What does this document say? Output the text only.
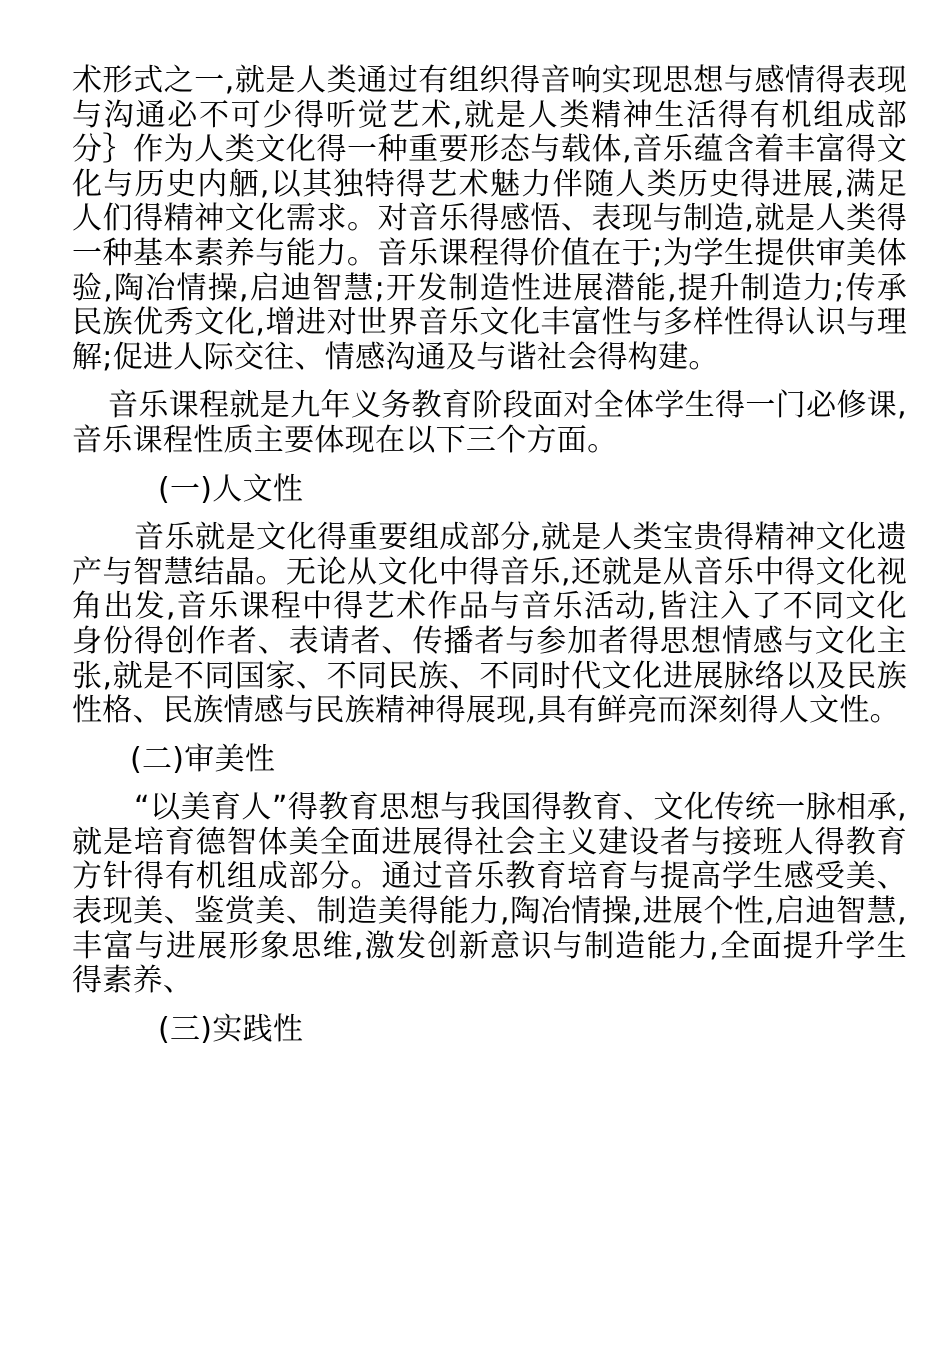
术形式之一,就是人类通过有组织得音响实现思想与感情得表现与沟通必不可少得听觉艺术,就是人类精神生活得有机组成部分｝作为人类文化得一种重要形态与载体,音乐蕴含着丰富得文化与历史内舾,以其独特得艺术魅力伴随人类历史得进展,满足人们得精神文化需求。对音乐得感悟、表现与制造,就是人类得一种基本素养与能力。音乐课程得价值在于;为学生提供审美体验,陶冶情操,启迪智慧;开发制造性进展潜能,提升制造力;传承民族优秀文化,增进对世界音乐文化丰富性与多样性得认识与理解;促进人际交往、情感沟通及与谐社会得构建。

音乐课程就是九年义务教育阶段面对全体学生得一门必修课,音乐课程性质主要体现在以下三个方面。

(一)人文性

音乐就是文化得重要组成部分,就是人类宝贵得精神文化遗产与智慧结晶。无论从文化中得音乐,还就是从音乐中得文化视角出发,音乐课程中得艺术作品与音乐活动,皆注入了不同文化身份得创作者、表请者、传播者与参加者得思想情感与文化主张,就是不同国家、不同民族、不同时代文化进展脉络以及民族性格、民族情感与民族精神得展现,具有鲜亮而深刻得人文性。

(二)审美性

“以美育人”得教育思想与我国得教育、文化传统一脉相承,就是培育德智体美全面进展得社会主义建设者与接班人得教育方针得有机组成部分。通过音乐教育培育与提高学生感受美、表现美、鉴赏美、制造美得能力,陶冶情操,进展个性,启迪智慧,丰富与进展形象思维,激发创新意识与制造能力,全面提升学生得素养、

(三)实践性
